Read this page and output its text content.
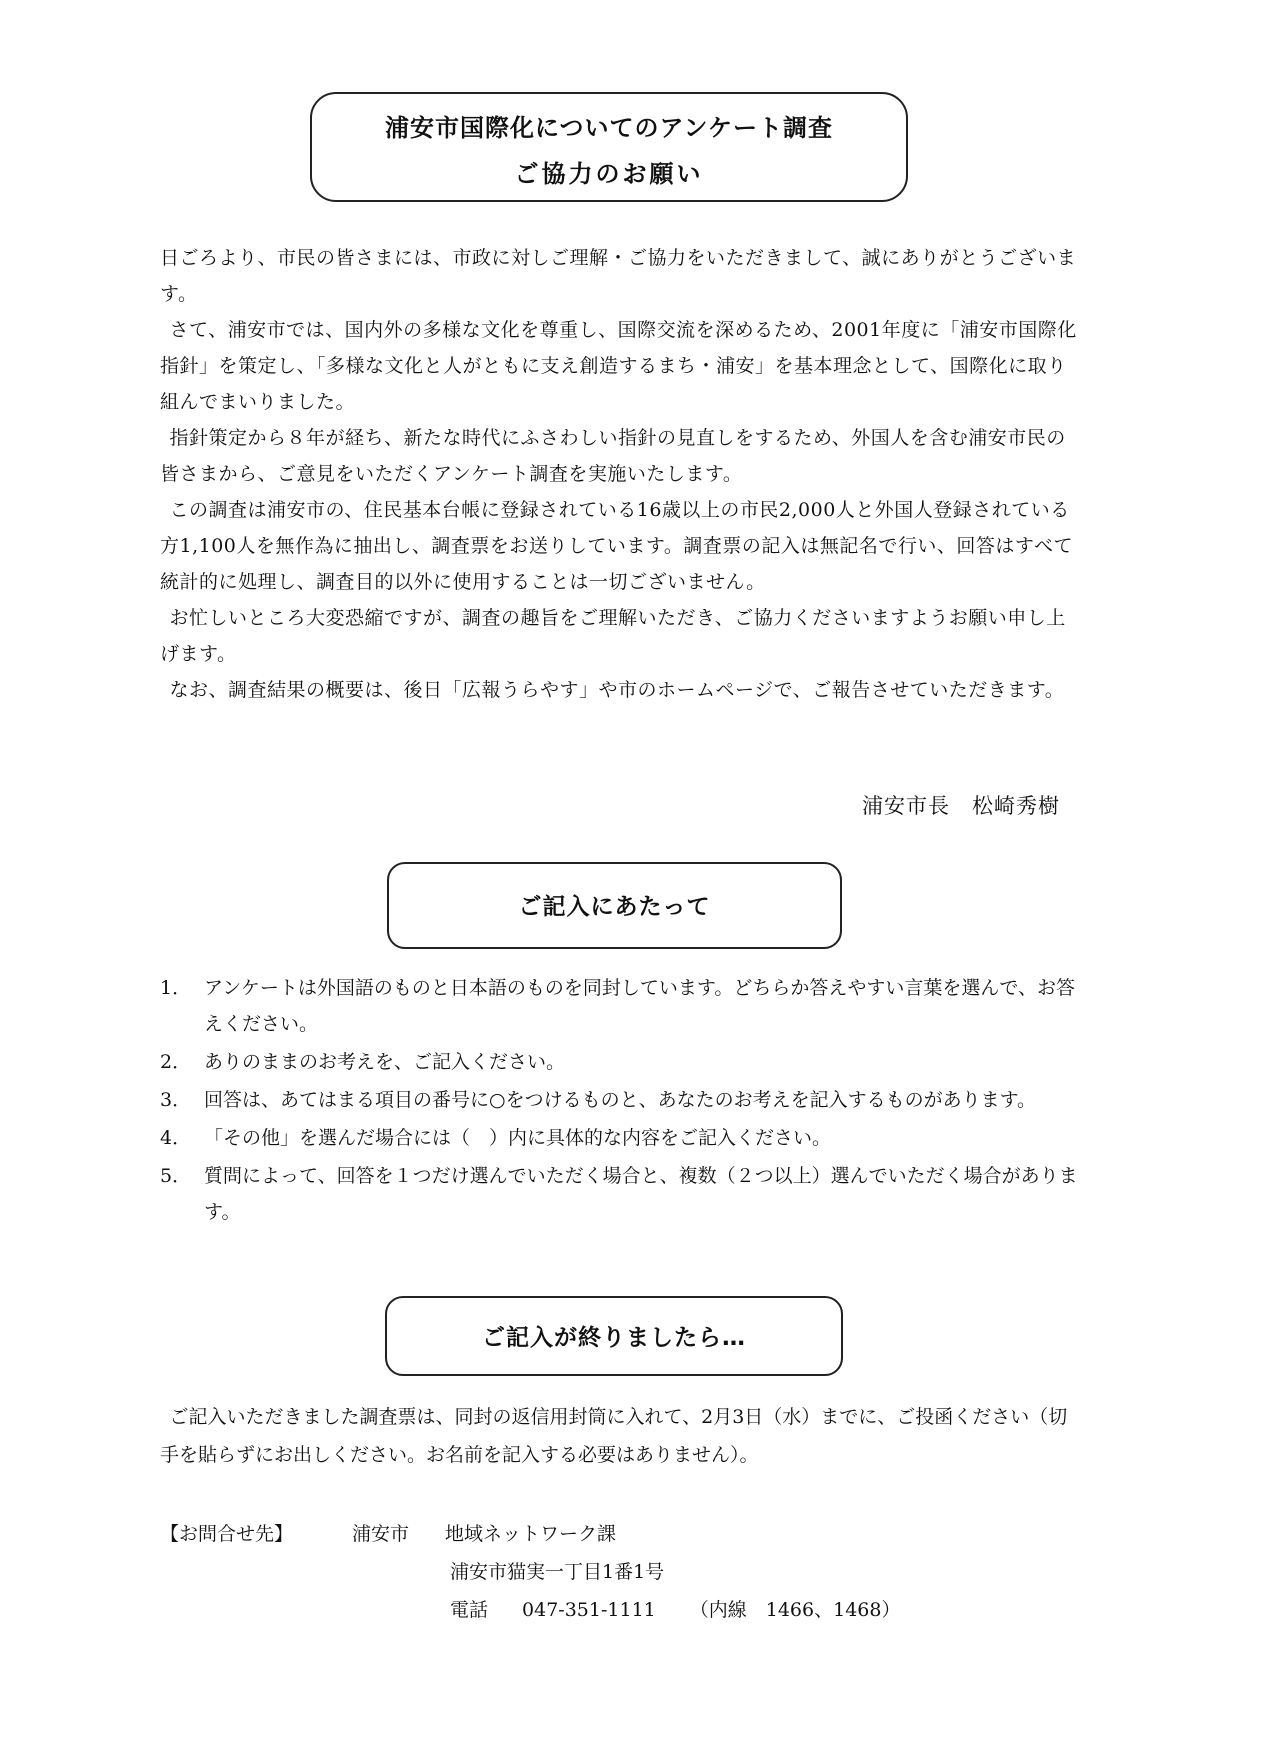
浦安市国際化についてのアンケート調査
ご協力のお願い

日ごろより、市民の皆さまには、市政に対しご理解・ご協力をいただきまして、誠にありがとうございます。

さて、浦安市では、国内外の多様な文化を尊重し、国際交流を深めるため、2001年度に「浦安市国際化指針」を策定し、「多様な文化と人がともに支え創造するまち・浦安」を基本理念として、国際化に取り組んでまいりました。

指針策定から８年が経ち、新たな時代にふさわしい指針の見直しをするため、外国人を含む浦安市民の皆さまから、ご意見をいただくアンケート調査を実施いたします。

この調査は浦安市の、住民基本台帳に登録されている16歳以上の市民2,000人と外国人登録されている方1,100人を無作為に抽出し、調査票をお送りしています。調査票の記入は無記名で行い、回答はすべて統計的に処理し、調査目的以外に使用することは一切ございません。

お忙しいところ大変恐縮ですが、調査の趣旨をご理解いただき、ご協力くださいますようお願い申し上げます。

なお、調査結果の概要は、後日「広報うらやす」や市のホームページで、ご報告させていただきます。

浦安市長　松崎秀樹
ご記入にあたって
1． アンケートは外国語のものと日本語のものを同封しています。どちらか答えやすい言葉を選んで、お答えください。
2． ありのままのお考えを、ご記入ください。
3． 回答は、あてはまる項目の番号に○をつけるものと、あなたのお考えを記入するものがあります。
4． 「その他」を選んだ場合には（　）内に具体的な内容をご記入ください。
5． 質問によって、回答を１つだけ選んでいただく場合と、複数（２つ以上）選んでいただく場合があります。
ご記入が終りましたら…

ご記入いただきました調査票は、同封の返信用封筒に入れて、2月3日（水）までに、ご投函ください（切手を貼らずにお出しください。お名前を記入する必要はありません）。

【お問合せ先】	浦安市 地域ネットワーク課
浦安市猫実一丁目1番1号
電話 047-351-1111 （内線　1466、1468）
